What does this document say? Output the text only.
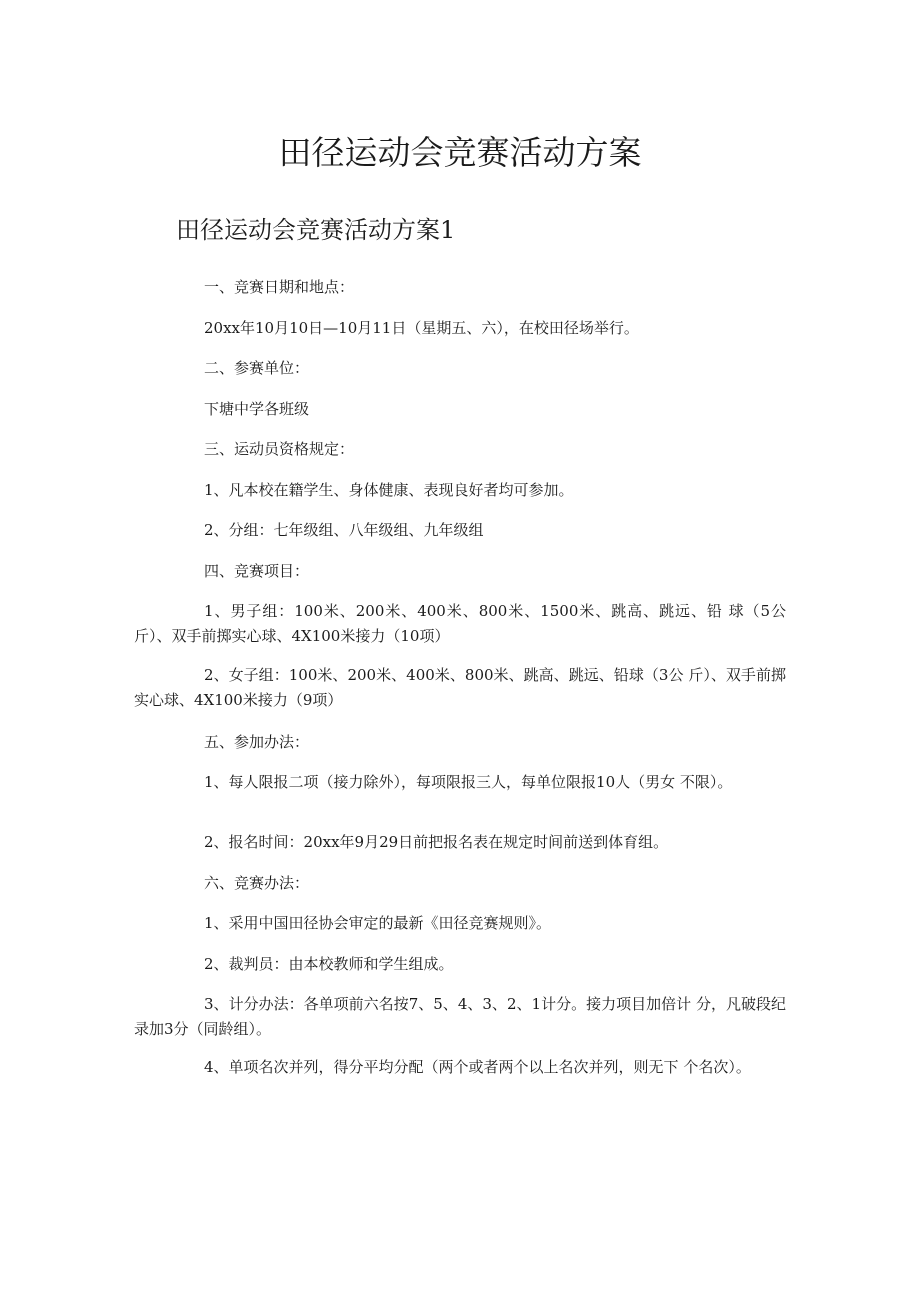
田径运动会竞赛活动方案
田径运动会竞赛活动方案1

一、竞赛日期和地点：

20xx年10月10日—10月11日（星期五、六），在校田径场举行。

二、参赛单位：

下塘中学各班级

三、运动员资格规定：

1、凡本校在籍学生、身体健康、表现良好者均可参加。

2、分组：七年级组、八年级组、九年级组

四、竞赛项目：

1、男子组：100米、200米、400米、800米、1500米、跳高、跳远、铅 球（5公斤）、双手前掷实心球、4X100米接力（10项）

2、女子组：100米、200米、400米、800米、跳高、跳远、铅球（3公 斤）、双手前掷实心球、4X100米接力（9项）

五、参加办法：

1、每人限报二项（接力除外），每项限报三人，每单位限报10人（男女 不限）。

2、报名时间：20xx年9月29日前把报名表在规定时间前送到体育组。

六、竞赛办法：

1、采用中国田径协会审定的最新《田径竞赛规则》。

2、裁判员：由本校教师和学生组成。

3、计分办法：各单项前六名按7、5、4、3、2、1计分。接力项目加倍计 分，凡破段纪录加3分（同龄组）。

4、单项名次并列，得分平均分配（两个或者两个以上名次并列，则无下 个名次）。
